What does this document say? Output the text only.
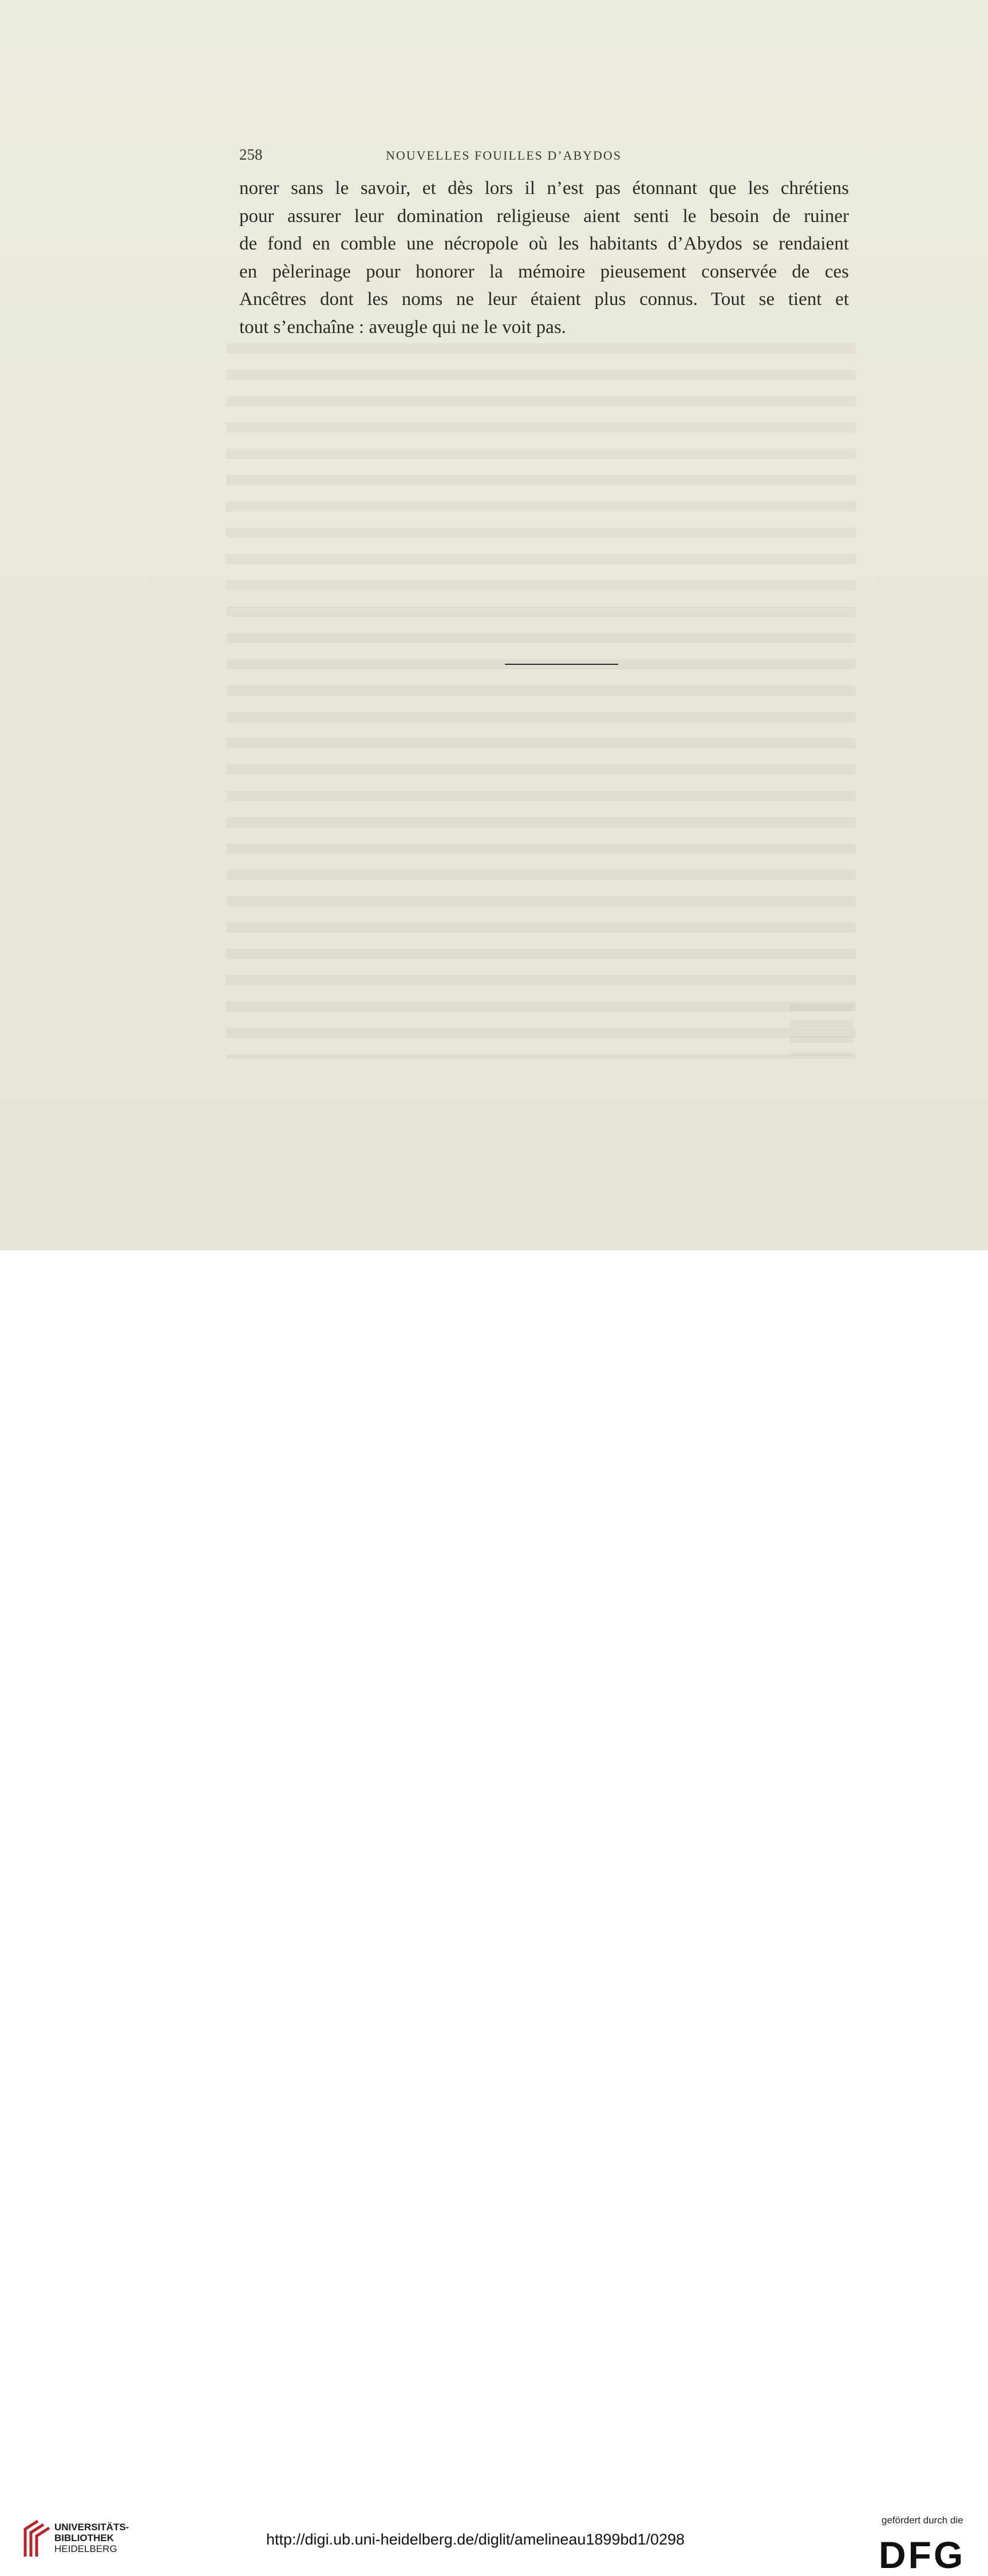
258	NOUVELLES FOUILLES D’ABYDOS

norer sans le savoir, et dès lors il n’est pas étonnant que les chrétiens
pour assurer leur domination religieuse aient senti le besoin de ruiner
de fond en comble une nécropole où les habitants d’Abydos se rendaient
en pèlerinage pour honorer la mémoire pieusement conservée de ces
Ancêtres dont les noms ne leur étaient plus connus. Tout se tient et
tout s’enchaîne : aveugle qui ne le voit pas.

UNIVERSITÄTS-
BIBLIOTHEK
HEIDELBERG
http://digi.ub.uni-heidelberg.de/diglit/amelineau1899bd1/0298
gefördert durch die
DFG
